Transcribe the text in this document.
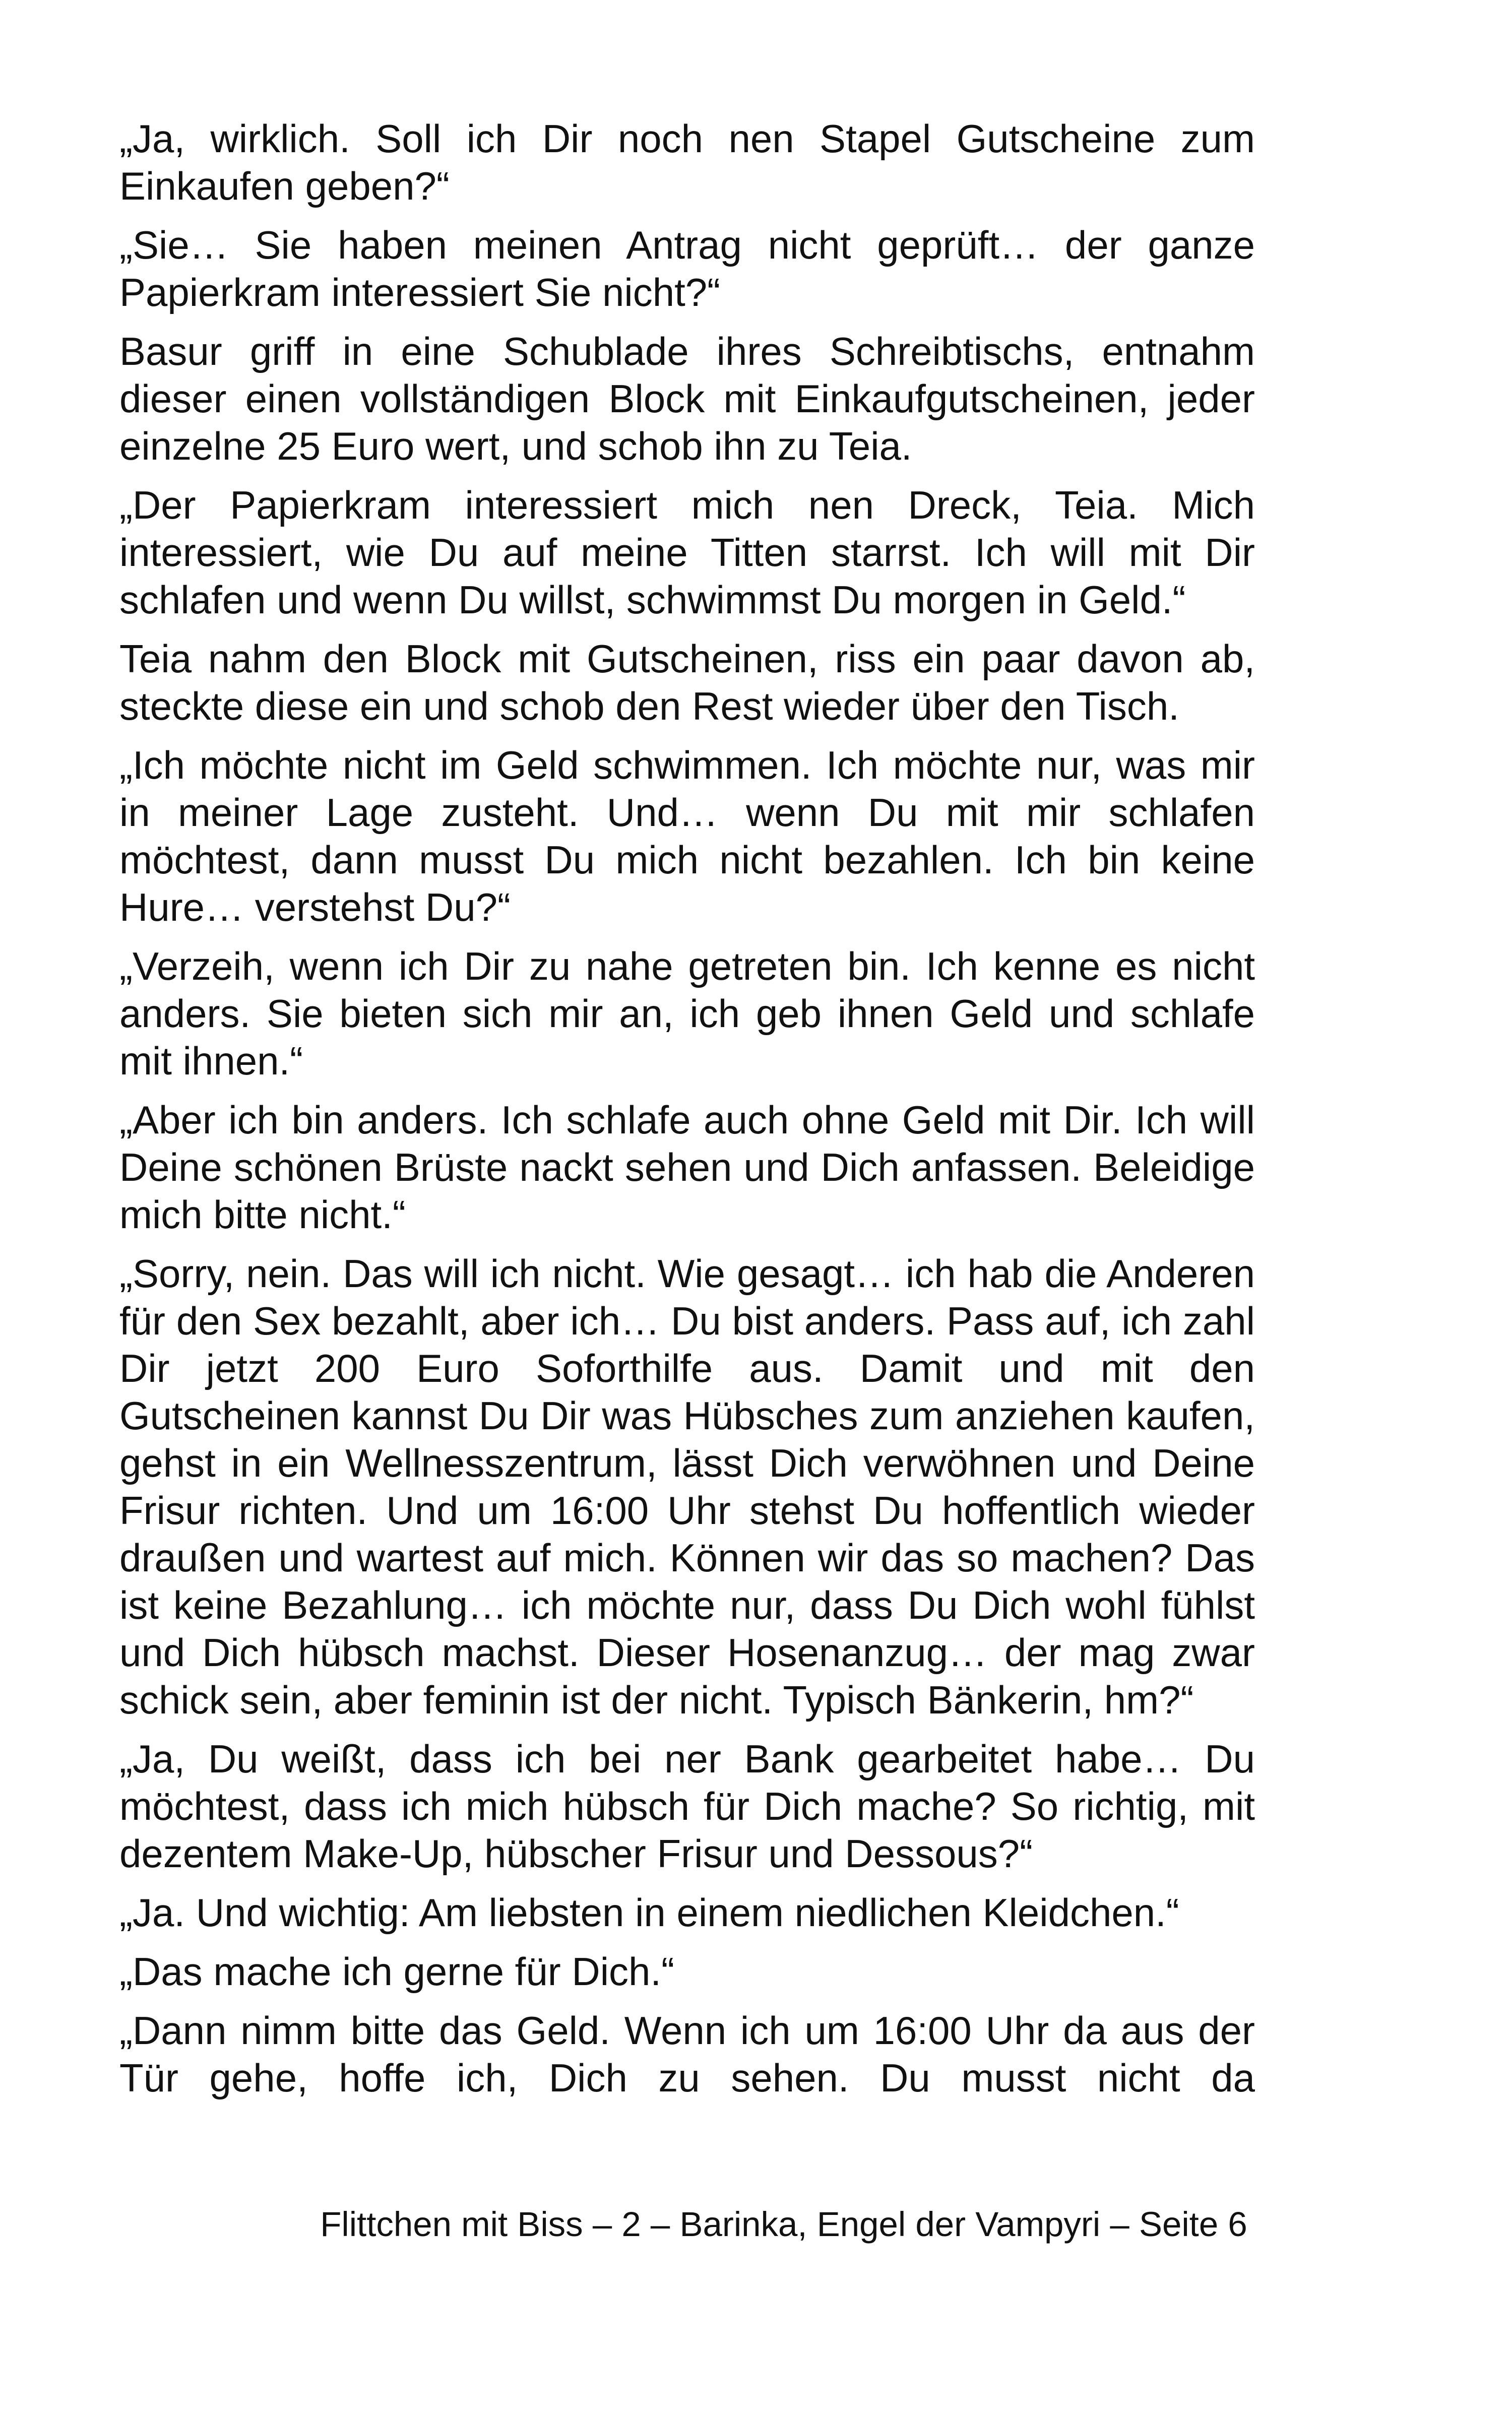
„Ja, wirklich. Soll ich Dir noch nen Stapel Gutscheine zum Einkaufen geben?“

„Sie… Sie haben meinen Antrag nicht geprüft… der ganze Papierkram interessiert Sie nicht?“

Basur griff in eine Schublade ihres Schreibtischs, entnahm dieser einen vollständigen Block mit Einkaufgutscheinen, jeder einzelne 25 Euro wert, und schob ihn zu Teia.

„Der Papierkram interessiert mich nen Dreck, Teia. Mich interessiert, wie Du auf meine Titten starrst. Ich will mit Dir schlafen und wenn Du willst, schwimmst Du morgen in Geld.“

Teia nahm den Block mit Gutscheinen, riss ein paar davon ab, steckte diese ein und schob den Rest wieder über den Tisch.

„Ich möchte nicht im Geld schwimmen. Ich möchte nur, was mir in meiner Lage zusteht. Und… wenn Du mit mir schlafen möchtest, dann musst Du mich nicht bezahlen. Ich bin keine Hure… verstehst Du?“

„Verzeih, wenn ich Dir zu nahe getreten bin. Ich kenne es nicht anders. Sie bieten sich mir an, ich geb ihnen Geld und schlafe mit ihnen.“

„Aber ich bin anders. Ich schlafe auch ohne Geld mit Dir. Ich will Deine schönen Brüste nackt sehen und Dich anfassen. Beleidige mich bitte nicht.“

„Sorry, nein. Das will ich nicht. Wie gesagt… ich hab die Anderen für den Sex bezahlt, aber ich… Du bist anders. Pass auf, ich zahl Dir jetzt 200 Euro Soforthilfe aus. Damit und mit den Gutscheinen kannst Du Dir was Hübsches zum anziehen kaufen, gehst in ein Wellnesszentrum, lässt Dich verwöhnen und Deine Frisur richten. Und um 16:00 Uhr stehst Du hoffentlich wieder draußen und wartest auf mich. Können wir das so machen? Das ist keine Bezahlung… ich möchte nur, dass Du Dich wohl fühlst und Dich hübsch machst. Dieser Hosenanzug… der mag zwar schick sein, aber feminin ist der nicht. Typisch Bänkerin, hm?“

„Ja, Du weißt, dass ich bei ner Bank gearbeitet habe… Du möchtest, dass ich mich hübsch für Dich mache? So richtig, mit dezentem Make-Up, hübscher Frisur und Dessous?“

„Ja. Und wichtig: Am liebsten in einem niedlichen Kleidchen.“

„Das mache ich gerne für Dich.“

„Dann nimm bitte das Geld. Wenn ich um 16:00 Uhr da aus der Tür gehe, hoffe ich, Dich zu sehen. Du musst nicht da

Flittchen mit Biss – 2 – Barinka, Engel der Vampyri – Seite 6
